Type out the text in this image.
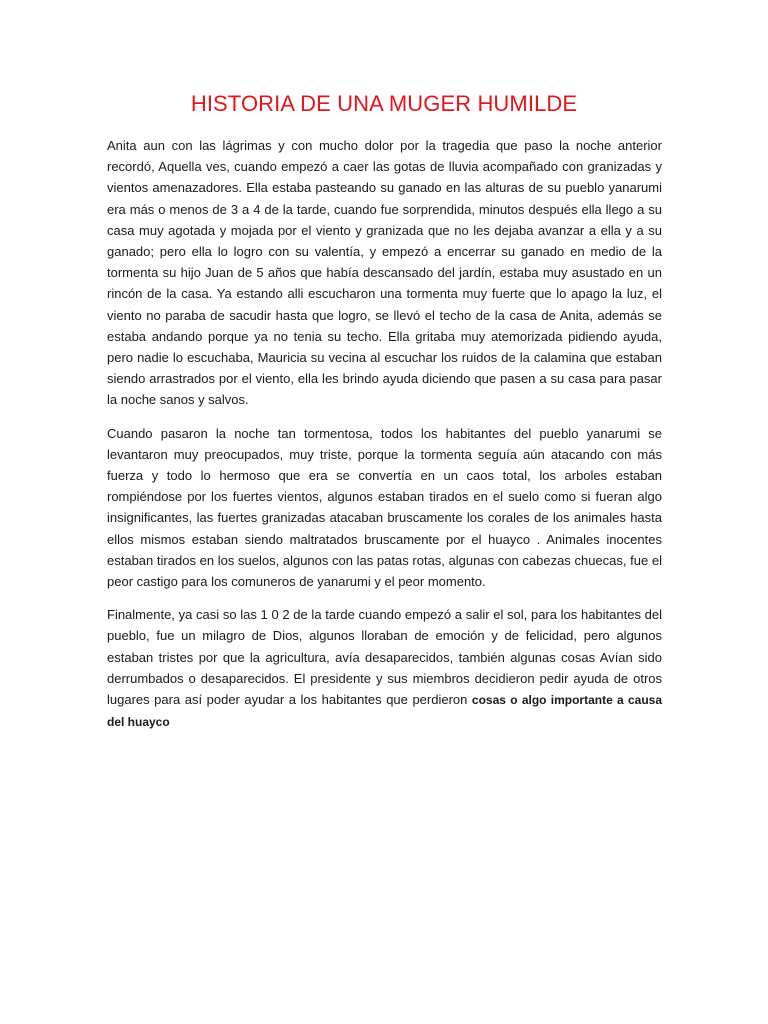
HISTORIA DE UNA MUGER HUMILDE

Anita aun con las lágrimas y con mucho dolor por la tragedia que paso la noche anterior recordó, Aquella ves, cuando empezó a caer las gotas de lluvia acompañado con granizadas y vientos amenazadores. Ella estaba pasteando su ganado en las alturas de su pueblo yanarumi era más o menos de 3 a 4 de la tarde, cuando fue sorprendida, minutos después ella llego a su casa muy agotada y mojada por el viento y granizada que no les dejaba avanzar a ella y a su ganado; pero ella lo logro con su valentía, y empezó a encerrar su ganado en medio de la tormenta su hijo Juan de 5 años que había descansado del jardín, estaba muy asustado en un rincón de la casa. Ya estando alli escucharon una tormenta muy fuerte que lo apago la luz, el viento no paraba de sacudir hasta que logro, se llevó el techo de la casa de Anita, además se estaba andando porque ya no tenia su techo. Ella gritaba muy atemorizada pidiendo ayuda, pero nadie lo escuchaba, Mauricia su vecina al escuchar los ruidos de la calamina que estaban siendo arrastrados por el viento, ella les brindo ayuda diciendo que pasen a su casa para pasar la noche sanos y salvos.

Cuando pasaron la noche tan tormentosa, todos los habitantes del pueblo yanarumi se levantaron muy preocupados, muy triste, porque la tormenta seguía aún atacando con más fuerza y todo lo hermoso que era se convertía en un caos total, los arboles estaban rompiéndose por los fuertes vientos, algunos estaban tirados en el suelo como si fueran algo insignificantes, las fuertes granizadas atacaban bruscamente los corales de los animales hasta ellos mismos estaban siendo maltratados bruscamente por el huayco . Animales inocentes estaban tirados en los suelos, algunos con las patas rotas, algunas con cabezas chuecas, fue el peor castigo para los comuneros de yanarumi y el peor momento.

Finalmente, ya casi so las 1 0 2 de la tarde cuando empezó a salir el sol, para los habitantes del pueblo, fue un milagro de Dios, algunos lloraban de emoción y de felicidad, pero algunos estaban tristes por que la agricultura, avía desaparecidos, también algunas cosas Avían sido derrumbados o desaparecidos. El presidente y sus miembros decidieron pedir ayuda de otros lugares para así poder ayudar a los habitantes que perdieron cosas o algo importante a causa del huayco
